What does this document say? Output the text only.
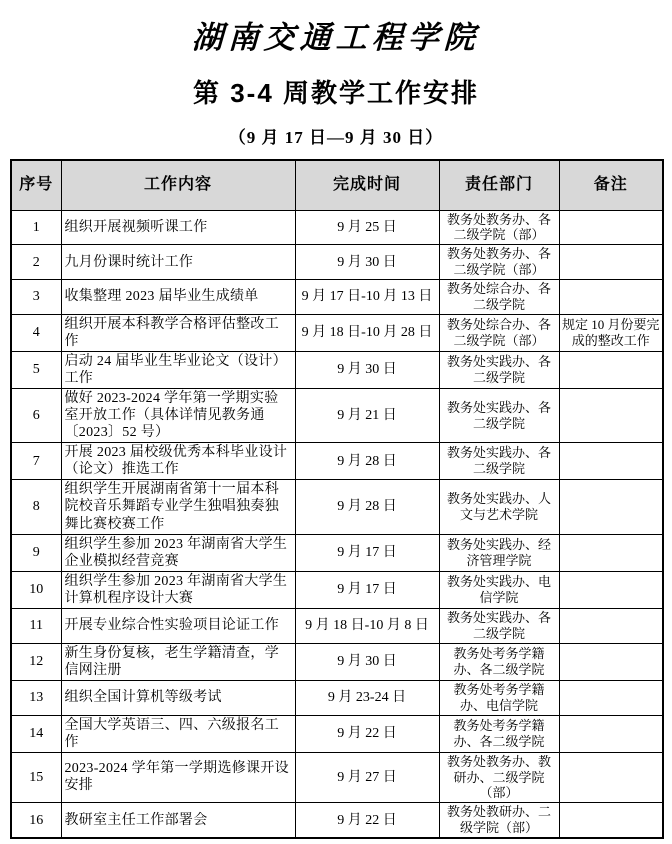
湖南交通工程学院
第 3-4 周教学工作安排
（9 月 17 日—9 月 30 日）
序号	工作内容	完成时间	责任部门	备注
1	组织开展视频听课工作	9 月 25 日	教务处教务办、各二级学院（部）	
2	九月份课时统计工作	9 月 30 日	教务处教务办、各二级学院（部）	
3	收集整理 2023 届毕业生成绩单	9 月 17 日-10 月 13 日	教务处综合办、各二级学院	
4	组织开展本科教学合格评估整改工作	9 月 18 日-10 月 28 日	教务处综合办、各二级学院（部）	规定 10 月份要完成的整改工作
5	启动 24 届毕业生毕业论文（设计）工作	9 月 30 日	教务处实践办、各二级学院	
6	做好 2023-2024 学年第一学期实验室开放工作（具体详情见教务通〔2023〕52 号）	9 月 21 日	教务处实践办、各二级学院	
7	开展 2023 届校级优秀本科毕业设计（论文）推选工作	9 月 28 日	教务处实践办、各二级学院	
8	组织学生开展湖南省第十一届本科院校音乐舞蹈专业学生独唱独奏独舞比赛校赛工作	9 月 28 日	教务处实践办、人文与艺术学院	
9	组织学生参加 2023 年湖南省大学生企业模拟经营竞赛	9 月 17 日	教务处实践办、经济管理学院	
10	组织学生参加 2023 年湖南省大学生计算机程序设计大赛	9 月 17 日	教务处实践办、电信学院	
11	开展专业综合性实验项目论证工作	9 月 18 日-10 月 8 日	教务处实践办、各二级学院	
12	新生身份复核，老生学籍清查，学信网注册	9 月 30 日	教务处考务学籍办、各二级学院	
13	组织全国计算机等级考试	9 月 23-24 日	教务处考务学籍办、电信学院	
14	全国大学英语三、四、六级报名工作	9 月 22 日	教务处考务学籍办、各二级学院	
15	2023-2024 学年第一学期选修课开设安排	9 月 27 日	教务处教务办、教研办、二级学院（部）	
16	教研室主任工作部署会	9 月 22 日	教务处教研办、二级学院（部）	
